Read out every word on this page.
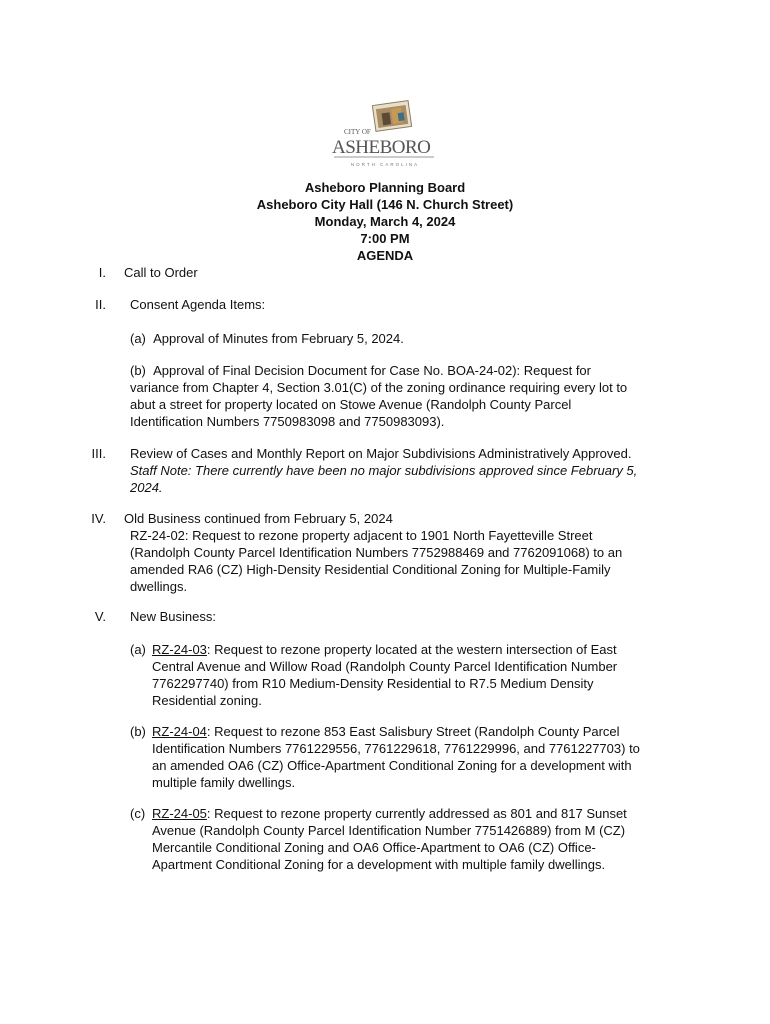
CITY OF
ASHEBORO
NORTH CAROLINA
Asheboro Planning Board
Asheboro City Hall (146 N. Church Street)
Monday, March 4, 2024
7:00 PM
AGENDA
I. Call to Order
II. Consent Agenda Items:
(a) Approval of Minutes from February 5, 2024.
(b) Approval of Final Decision Document for Case No. BOA-24-02): Request for
variance from Chapter 4, Section 3.01(C) of the zoning ordinance requiring every lot to
abut a street for property located on Stowe Avenue (Randolph County Parcel
Identification Numbers 7750983098 and 7750983093).
III. Review of Cases and Monthly Report on Major Subdivisions Administratively Approved.
Staff Note: There currently have been no major subdivisions approved since February 5,
2024.
IV. Old Business continued from February 5, 2024
RZ-24-02: Request to rezone property adjacent to 1901 North Fayetteville Street
(Randolph County Parcel Identification Numbers 7752988469 and 7762091068) to an
amended RA6 (CZ) High-Density Residential Conditional Zoning for Multiple-Family
dwellings.
V. New Business:
(a) RZ-24-03: Request to rezone property located at the western intersection of East
Central Avenue and Willow Road (Randolph County Parcel Identification Number
7762297740) from R10 Medium-Density Residential to R7.5 Medium Density
Residential zoning.
(b) RZ-24-04: Request to rezone 853 East Salisbury Street (Randolph County Parcel
Identification Numbers 7761229556, 7761229618, 7761229996, and 7761227703) to
an amended OA6 (CZ) Office-Apartment Conditional Zoning for a development with
multiple family dwellings.
(c) RZ-24-05: Request to rezone property currently addressed as 801 and 817 Sunset
Avenue (Randolph County Parcel Identification Number 7751426889) from M (CZ)
Mercantile Conditional Zoning and OA6 Office-Apartment to OA6 (CZ) Office-
Apartment Conditional Zoning for a development with multiple family dwellings.
